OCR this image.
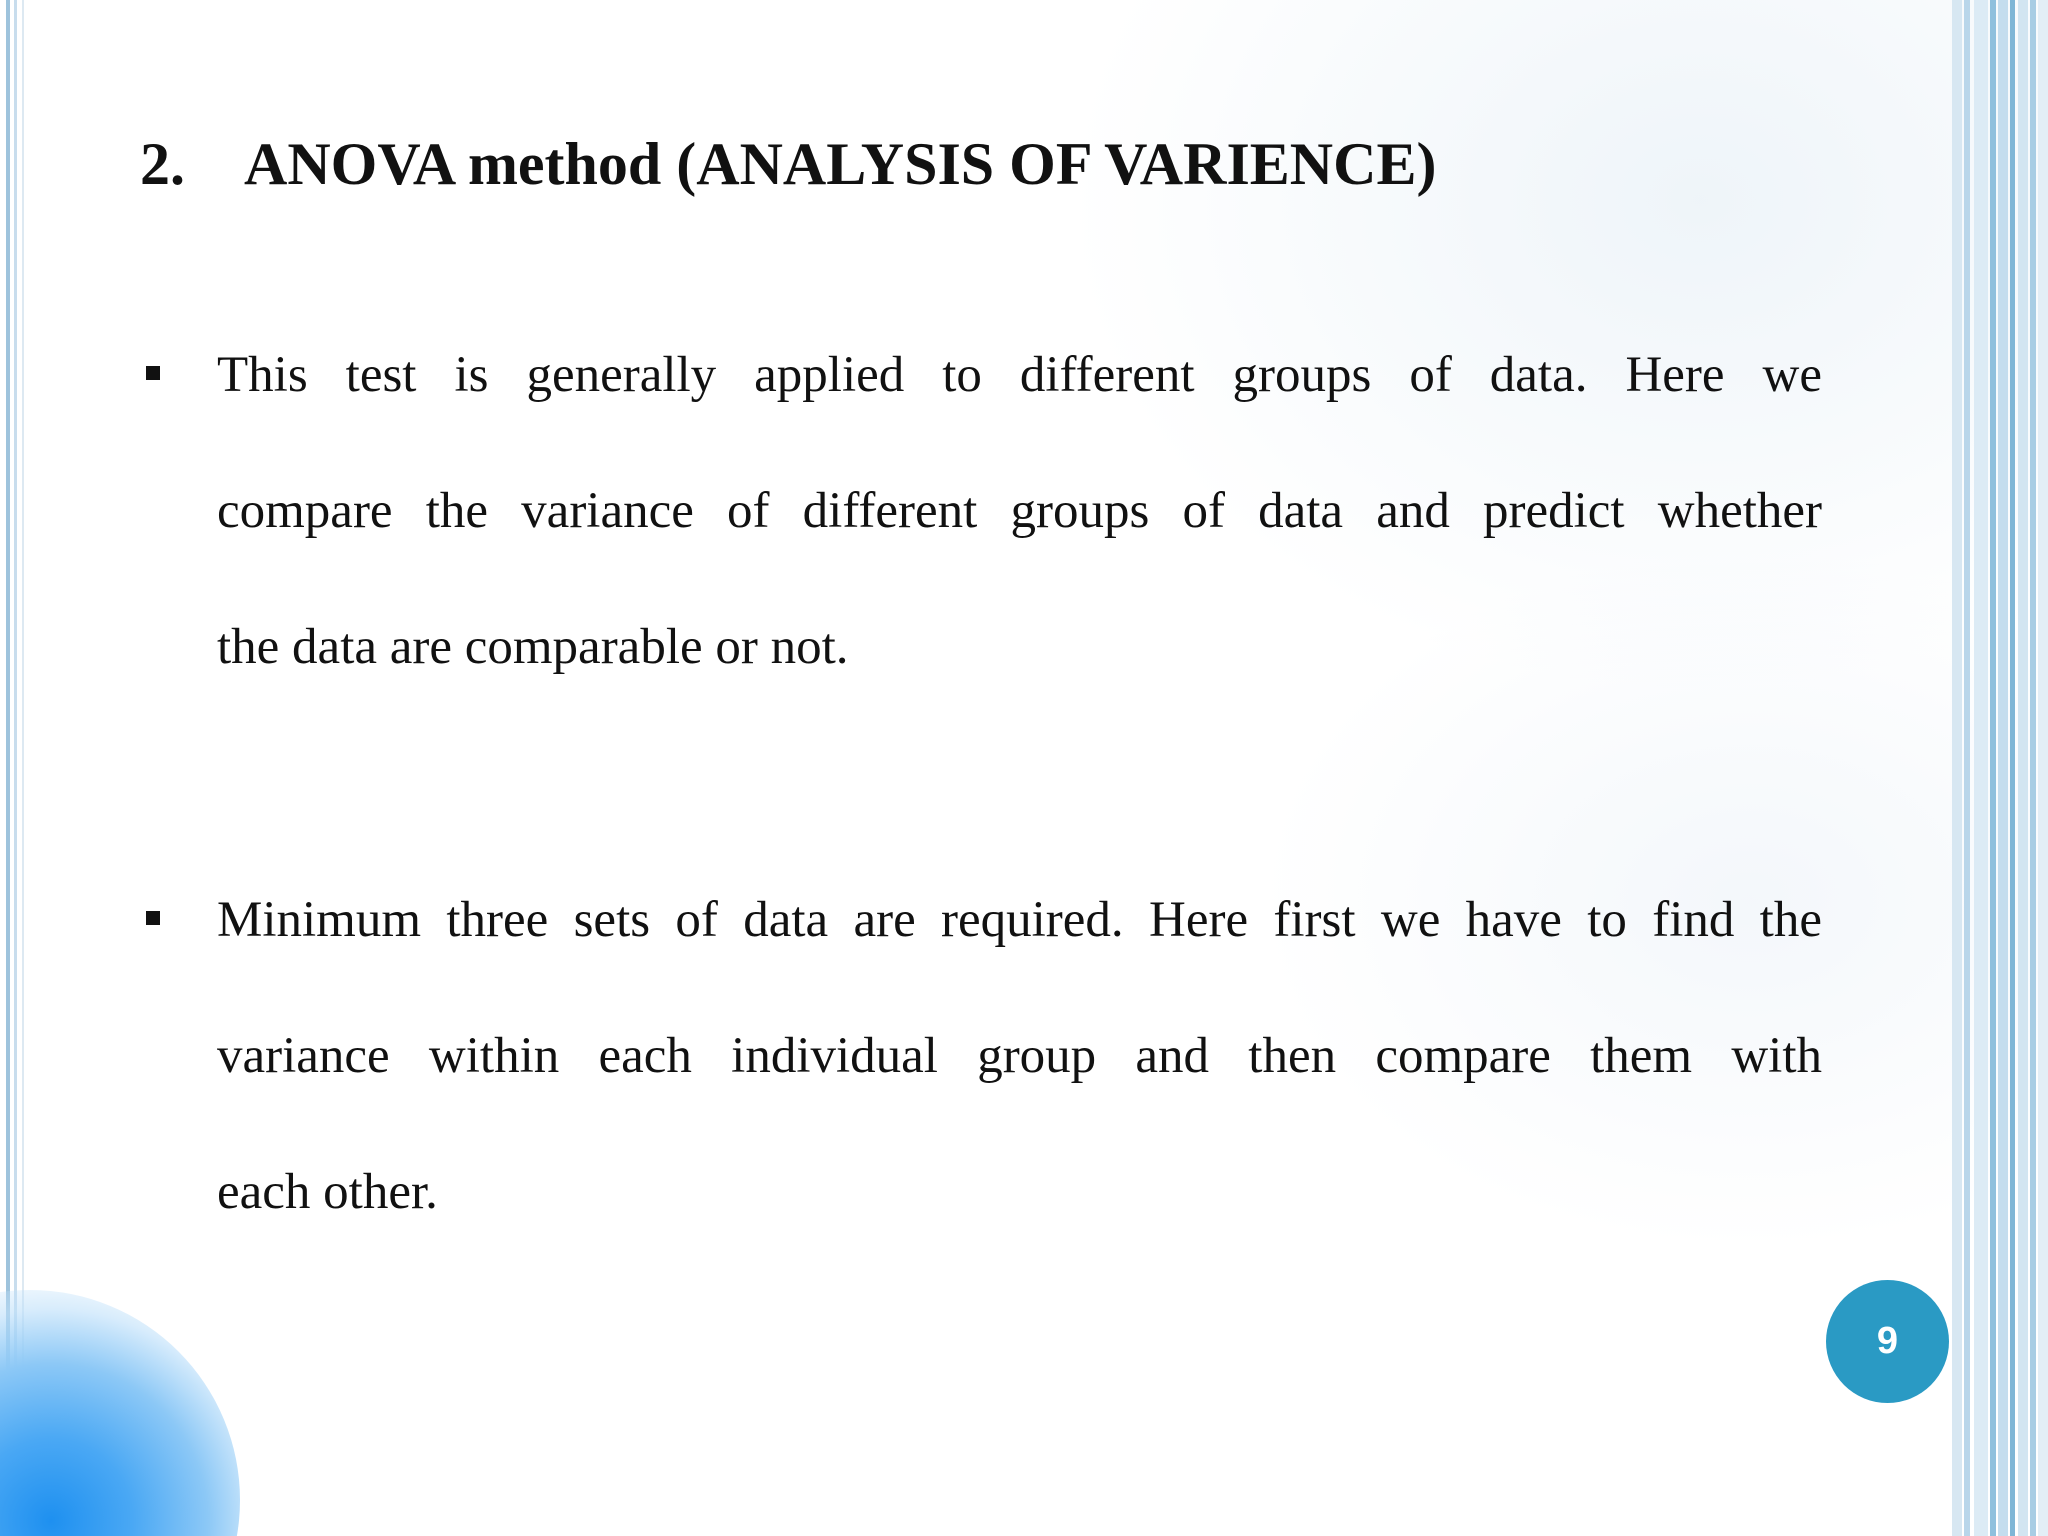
2. ANOVA method (ANALYSIS OF VARIENCE)
This test is generally applied to different groups of data. Here we
compare the variance of different groups of data and predict whether
the data are comparable or not.
Minimum three sets of data are required. Here first we have to find the
variance within each individual group and then compare them with
each other.
9
